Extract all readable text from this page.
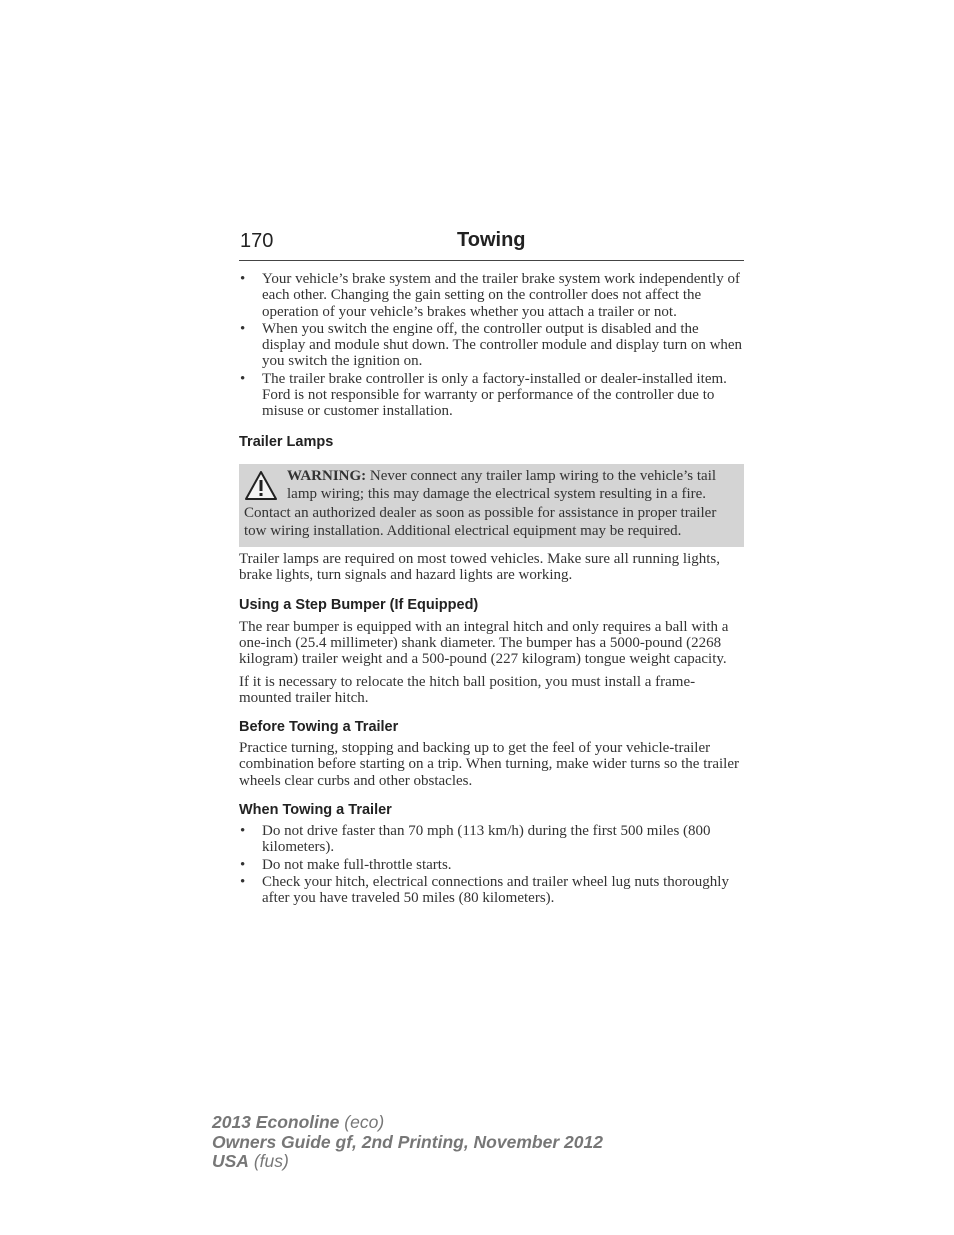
170	Towing
• Your vehicle’s brake system and the trailer brake system work independently of each other. Changing the gain setting on the controller does not affect the operation of your vehicle’s brakes whether you attach a trailer or not.
• When you switch the engine off, the controller output is disabled and the display and module shut down. The controller module and display turn on when you switch the ignition on.
• The trailer brake controller is only a factory-installed or dealer-installed item. Ford is not responsible for warranty or performance of the controller due to misuse or customer installation.
Trailer Lamps
WARNING: Never connect any trailer lamp wiring to the vehicle’s tail lamp wiring; this may damage the electrical system resulting in a fire. Contact an authorized dealer as soon as possible for assistance in proper trailer tow wiring installation. Additional electrical equipment may be required.

Trailer lamps are required on most towed vehicles. Make sure all running lights, brake lights, turn signals and hazard lights are working.

Using a Step Bumper (If Equipped)

The rear bumper is equipped with an integral hitch and only requires a ball with a one-inch (25.4 millimeter) shank diameter. The bumper has a 5000-pound (2268 kilogram) trailer weight and a 500-pound (227 kilogram) tongue weight capacity.

If it is necessary to relocate the hitch ball position, you must install a frame-mounted trailer hitch.

Before Towing a Trailer

Practice turning, stopping and backing up to get the feel of your vehicle-trailer combination before starting on a trip. When turning, make wider turns so the trailer wheels clear curbs and other obstacles.

When Towing a Trailer
• Do not drive faster than 70 mph (113 km/h) during the first 500 miles (800 kilometers).
• Do not make full-throttle starts.
• Check your hitch, electrical connections and trailer wheel lug nuts thoroughly after you have traveled 50 miles (80 kilometers).
2013 Econoline (eco)
Owners Guide gf, 2nd Printing, November 2012
USA (fus)
